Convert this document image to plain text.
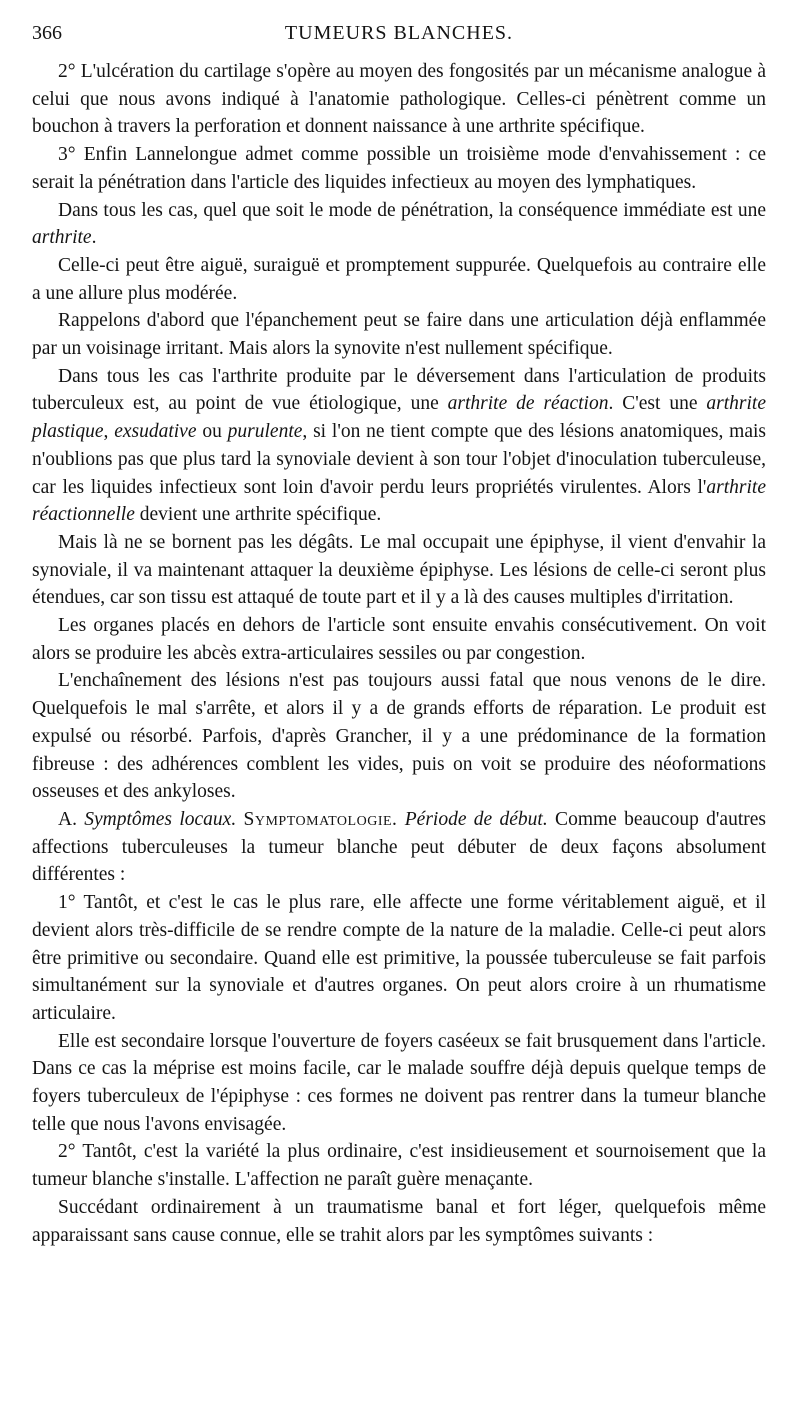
366	TUMEURS BLANCHES.

2° L'ulcération du cartilage s'opère au moyen des fongosités par un mécanisme analogue à celui que nous avons indiqué à l'anatomie pathologique. Celles-ci pénètrent comme un bouchon à travers la perforation et donnent naissance à une arthrite spécifique.

3° Enfin Lannelongue admet comme possible un troisième mode d'envahissement : ce serait la pénétration dans l'article des liquides infectieux au moyen des lymphatiques.

Dans tous les cas, quel que soit le mode de pénétration, la conséquence immédiate est une arthrite.

Celle-ci peut être aiguë, suraiguë et promptement suppurée. Quelquefois au contraire elle a une allure plus modérée.

Rappelons d'abord que l'épanchement peut se faire dans une articulation déjà enflammée par un voisinage irritant. Mais alors la synovite n'est nullement spécifique.

Dans tous les cas l'arthrite produite par le déversement dans l'articulation de produits tuberculeux est, au point de vue étiologique, une arthrite de réaction. C'est une arthrite plastique, exsudative ou purulente, si l'on ne tient compte que des lésions anatomiques, mais n'oublions pas que plus tard la synoviale devient à son tour l'objet d'inoculation tuberculeuse, car les liquides infectieux sont loin d'avoir perdu leurs propriétés virulentes. Alors l'arthrite réactionnelle devient une arthrite spécifique.

Mais là ne se bornent pas les dégâts. Le mal occupait une épiphyse, il vient d'envahir la synoviale, il va maintenant attaquer la deuxième épiphyse. Les lésions de celle-ci seront plus étendues, car son tissu est attaqué de toute part et il y a là des causes multiples d'irritation.

Les organes placés en dehors de l'article sont ensuite envahis consécutivement. On voit alors se produire les abcès extra-articulaires sessiles ou par congestion.

L'enchaînement des lésions n'est pas toujours aussi fatal que nous venons de le dire. Quelquefois le mal s'arrête, et alors il y a de grands efforts de réparation. Le produit est expulsé ou résorbé. Parfois, d'après Grancher, il y a une prédominance de la formation fibreuse : des adhérences comblent les vides, puis on voit se produire des néoformations osseuses et des ankyloses.

A. Symptômes locaux. Symptomatologie. Période de début. Comme beaucoup d'autres affections tuberculeuses la tumeur blanche peut débuter de deux façons absolument différentes :

1° Tantôt, et c'est le cas le plus rare, elle affecte une forme véritablement aiguë, et il devient alors très-difficile de se rendre compte de la nature de la maladie. Celle-ci peut alors être primitive ou secondaire. Quand elle est primitive, la poussée tuberculeuse se fait parfois simultanément sur la synoviale et d'autres organes. On peut alors croire à un rhumatisme articulaire.

Elle est secondaire lorsque l'ouverture de foyers caséeux se fait brusquement dans l'article. Dans ce cas la méprise est moins facile, car le malade souffre déjà depuis quelque temps de foyers tuberculeux de l'épiphyse : ces formes ne doivent pas rentrer dans la tumeur blanche telle que nous l'avons envisagée.

2° Tantôt, c'est la variété la plus ordinaire, c'est insidieusement et sournoisement que la tumeur blanche s'installe. L'affection ne paraît guère menaçante.

Succédant ordinairement à un traumatisme banal et fort léger, quelquefois même apparaissant sans cause connue, elle se trahit alors par les symptômes suivants :
